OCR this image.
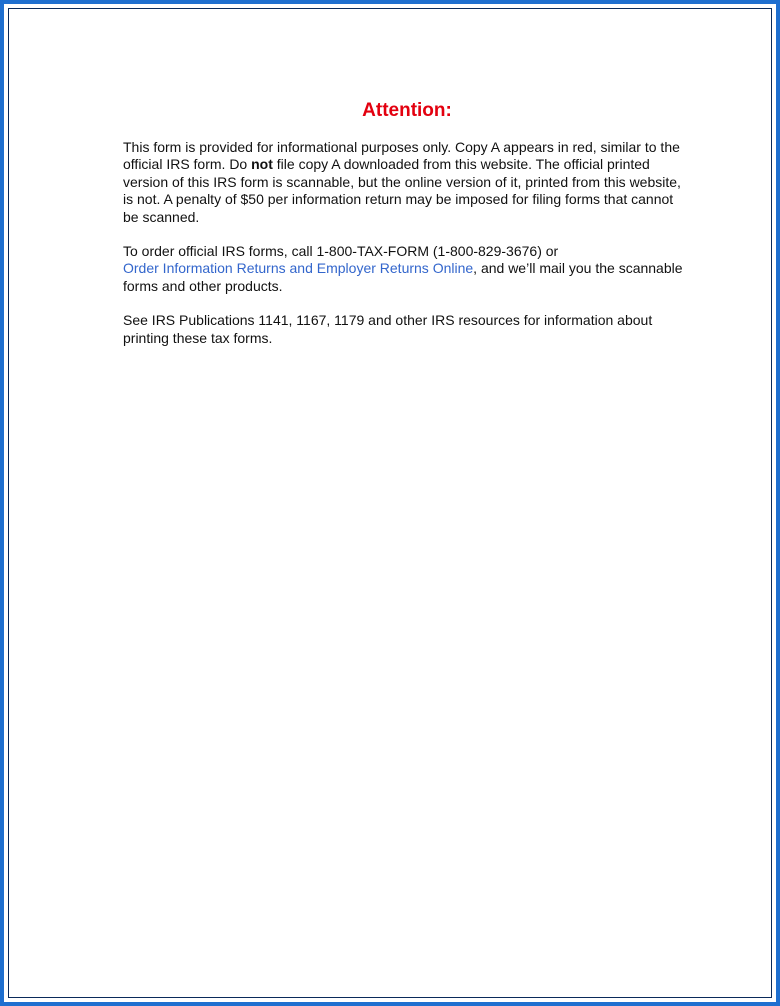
Attention:

This form is provided for informational purposes only. Copy A appears in red, similar to the official IRS form. Do not file copy A downloaded from this website. The official printed version of this IRS form is scannable, but the online version of it, printed from this website, is not. A penalty of $50 per information return may be imposed for filing forms that cannot be scanned.

To order official IRS forms, call 1-800-TAX-FORM (1-800-829-3676) or
Order Information Returns and Employer Returns Online, and we’ll mail you the scannable forms and other products.

See IRS Publications 1141, 1167, 1179 and other IRS resources for information about printing these tax forms.
